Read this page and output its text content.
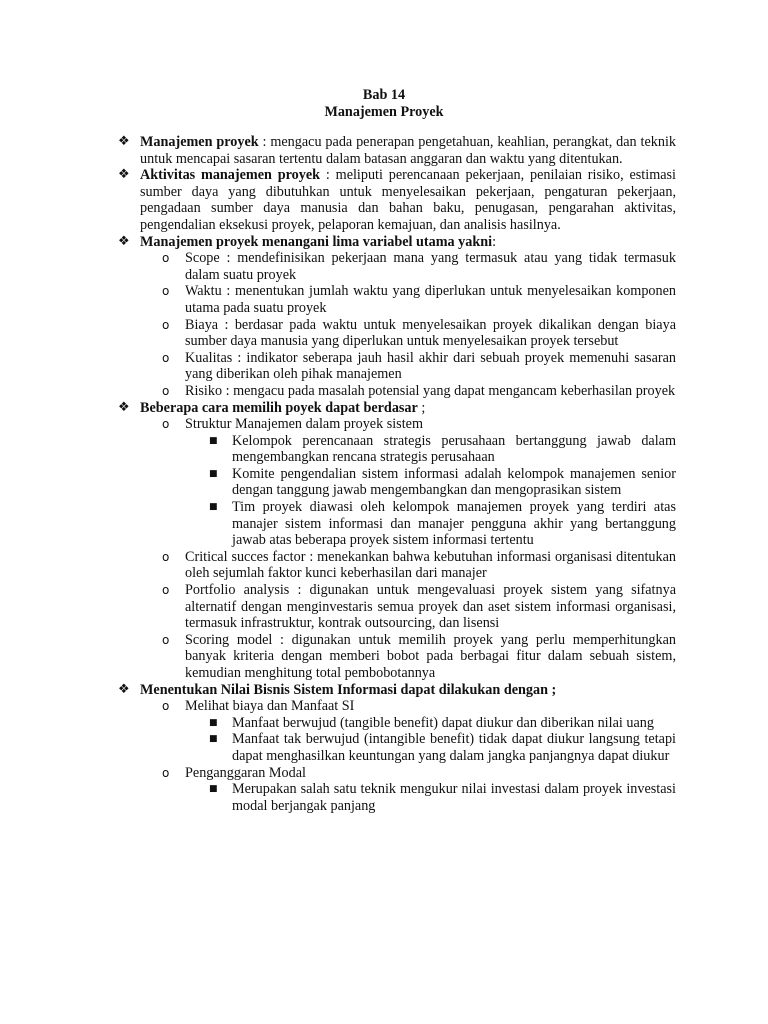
Bab 14
Manajemen Proyek
❖ Manajemen proyek : mengacu pada penerapan pengetahuan, keahlian, perangkat, dan teknik untuk mencapai sasaran tertentu dalam batasan anggaran dan waktu yang ditentukan.
❖ Aktivitas manajemen proyek : meliputi perencanaan pekerjaan, penilaian risiko, estimasi sumber daya yang dibutuhkan untuk menyelesaikan pekerjaan, pengaturan pekerjaan, pengadaan sumber daya manusia dan bahan baku, penugasan, pengarahan aktivitas, pengendalian eksekusi proyek, pelaporan kemajuan, dan analisis hasilnya.
❖ Manajemen proyek menangani lima variabel utama yakni:
o Scope : mendefinisikan pekerjaan mana yang termasuk atau yang tidak termasuk dalam suatu proyek
o Waktu : menentukan jumlah waktu yang diperlukan untuk menyelesaikan komponen utama pada suatu proyek
o Biaya : berdasar pada waktu untuk menyelesaikan proyek dikalikan dengan biaya sumber daya manusia yang diperlukan untuk menyelesaikan proyek tersebut
o Kualitas : indikator seberapa jauh hasil akhir dari sebuah proyek memenuhi sasaran yang diberikan oleh pihak manajemen
o Risiko : mengacu pada masalah potensial yang dapat mengancam keberhasilan proyek
❖ Beberapa cara memilih poyek dapat berdasar ;
o Struktur Manajemen dalam proyek sistem
■ Kelompok perencanaan strategis perusahaan bertanggung jawab dalam mengembangkan rencana strategis perusahaan
■ Komite pengendalian sistem informasi adalah kelompok manajemen senior dengan tanggung jawab mengembangkan dan mengoprasikan sistem
■ Tim proyek diawasi oleh kelompok manajemen proyek yang terdiri atas manajer sistem informasi dan manajer pengguna akhir yang bertanggung jawab atas beberapa proyek sistem informasi tertentu
o Critical succes factor : menekankan bahwa kebutuhan informasi organisasi ditentukan oleh sejumlah faktor kunci keberhasilan dari manajer
o Portfolio analysis : digunakan untuk mengevaluasi proyek sistem yang sifatnya alternatif dengan menginvestaris semua proyek dan aset sistem informasi organisasi, termasuk infrastruktur, kontrak outsourcing, dan lisensi
o Scoring model : digunakan untuk memilih proyek yang perlu memperhitungkan banyak kriteria dengan memberi bobot pada berbagai fitur dalam sebuah sistem, kemudian menghitung total pembobotannya
❖ Menentukan Nilai Bisnis Sistem Informasi dapat dilakukan dengan ;
o Melihat biaya dan Manfaat SI
■ Manfaat berwujud (tangible benefit) dapat diukur dan diberikan nilai uang
■ Manfaat tak berwujud (intangible benefit) tidak dapat diukur langsung tetapi dapat menghasilkan keuntungan yang dalam jangka panjangnya dapat diukur
o Penganggaran Modal
■ Merupakan salah satu teknik mengukur nilai investasi dalam proyek investasi modal berjangak panjang
